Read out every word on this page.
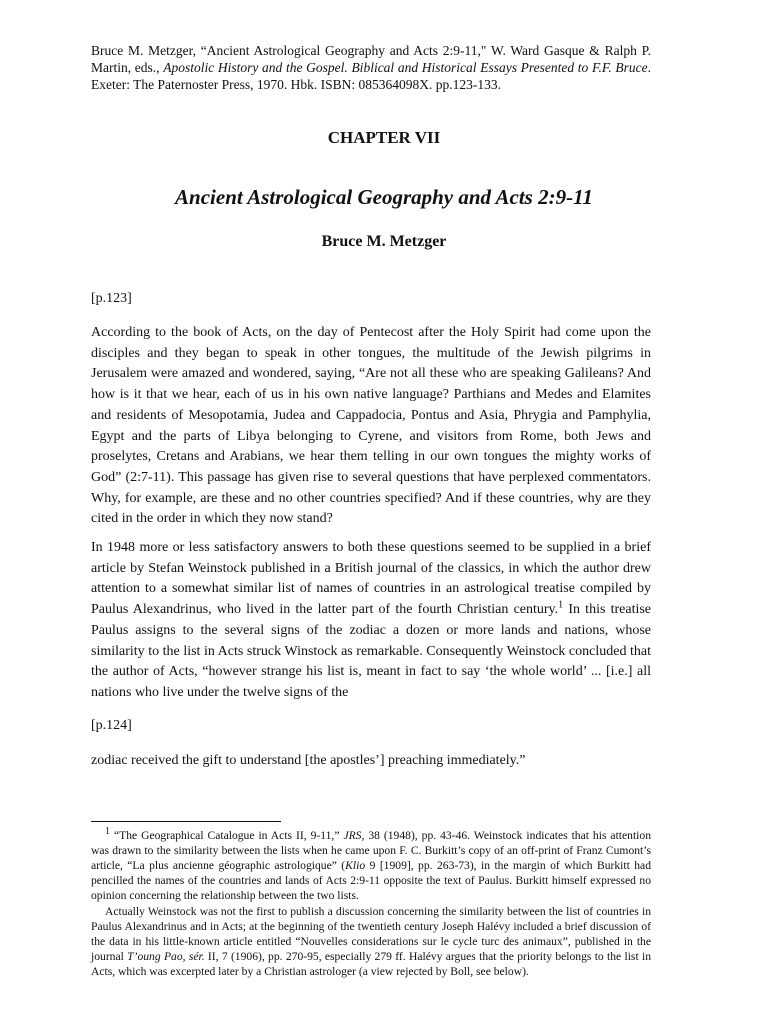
Bruce M. Metzger, “Ancient Astrological Geography and Acts 2:9-11," W. Ward Gasque & Ralph P. Martin, eds., Apostolic History and the Gospel. Biblical and Historical Essays Presented to F.F. Bruce. Exeter: The Paternoster Press, 1970. Hbk. ISBN: 085364098X. pp.123-133.
CHAPTER VII
Ancient Astrological Geography and Acts 2:9-11
Bruce M. Metzger
[p.123]
According to the book of Acts, on the day of Pentecost after the Holy Spirit had come upon the disciples and they began to speak in other tongues, the multitude of the Jewish pilgrims in Jerusalem were amazed and wondered, saying, “Are not all these who are speaking Galileans? And how is it that we hear, each of us in his own native language? Parthians and Medes and Elamites and residents of Mesopotamia, Judea and Cappadocia, Pontus and Asia, Phrygia and Pamphylia, Egypt and the parts of Libya belonging to Cyrene, and visitors from Rome, both Jews and proselytes, Cretans and Arabians, we hear them telling in our own tongues the mighty works of God” (2:7-11). This passage has given rise to several questions that have perplexed commentators. Why, for example, are these and no other countries specified? And if these countries, why are they cited in the order in which they now stand?
In 1948 more or less satisfactory answers to both these questions seemed to be supplied in a brief article by Stefan Weinstock published in a British journal of the classics, in which the author drew attention to a somewhat similar list of names of countries in an astrological treatise compiled by Paulus Alexandrinus, who lived in the latter part of the fourth Christian century.$^1$ In this treatise Paulus assigns to the several signs of the zodiac a dozen or more lands and nations, whose similarity to the list in Acts struck Winstock as remarkable. Consequently Weinstock concluded that the author of Acts, “however strange his list is, meant in fact to say ‘the whole world’ ... [i.e.] all nations who live under the twelve signs of the
[p.124]
zodiac received the gift to understand [the apostles’] preaching immediately.”
$^1$ “The Geographical Catalogue in Acts II, 9-11,” JRS, 38 (1948), pp. 43-46. Weinstock indicates that his attention was drawn to the similarity between the lists when he came upon F. C. Burkitt’s copy of an off-print of Franz Cumont’s article, “La plus ancienne géographic astrologique” (Klio 9 [1909], pp. 263-73), in the margin of which Burkitt had pencilled the names of the countries and lands of Acts 2:9-11 opposite the text of Paulus. Burkitt himself expressed no opinion concerning the relationship between the two lists.
Actually Weinstock was not the first to publish a discussion concerning the similarity between the list of countries in Paulus Alexandrinus and in Acts; at the beginning of the twentieth century Joseph Halévy included a brief discussion of the data in his little-known article entitled “Nouvelles considerations sur le cycle turc des animaux”, published in the journal T’oung Pao, sér. II, 7 (1906), pp. 270-95, especially 279 ff. Halévy argues that the priority belongs to the list in Acts, which was excerpted later by a Christian astrologer (a view rejected by Boll, see below).
